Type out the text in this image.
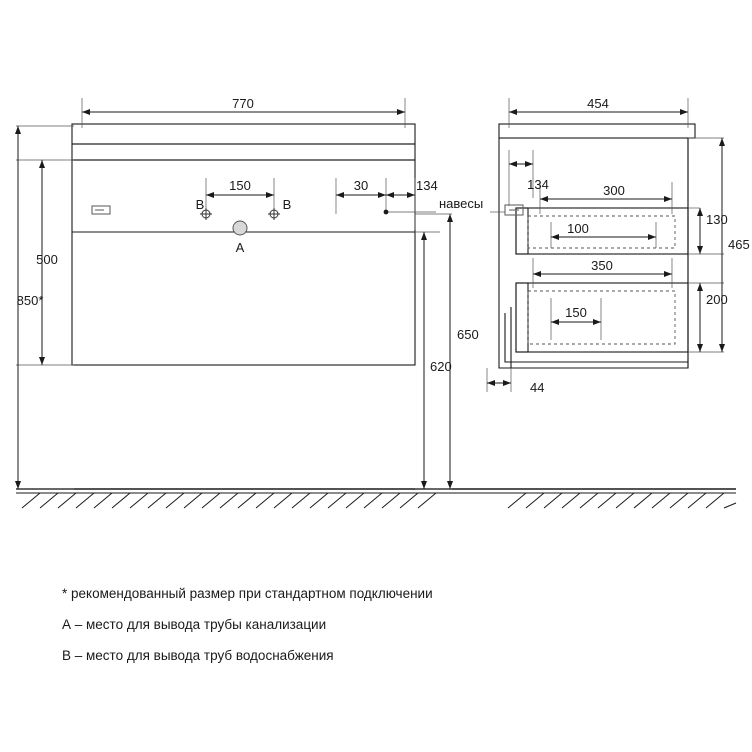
770
150	30	134
500
850*
650
620
454
134	300
100
350
150
130
465
200
44
B	B
A
навесы
* рекомендованный размер при стандартном подключении
А – место для вывода трубы канализации
В – место для вывода труб водоснабжения
